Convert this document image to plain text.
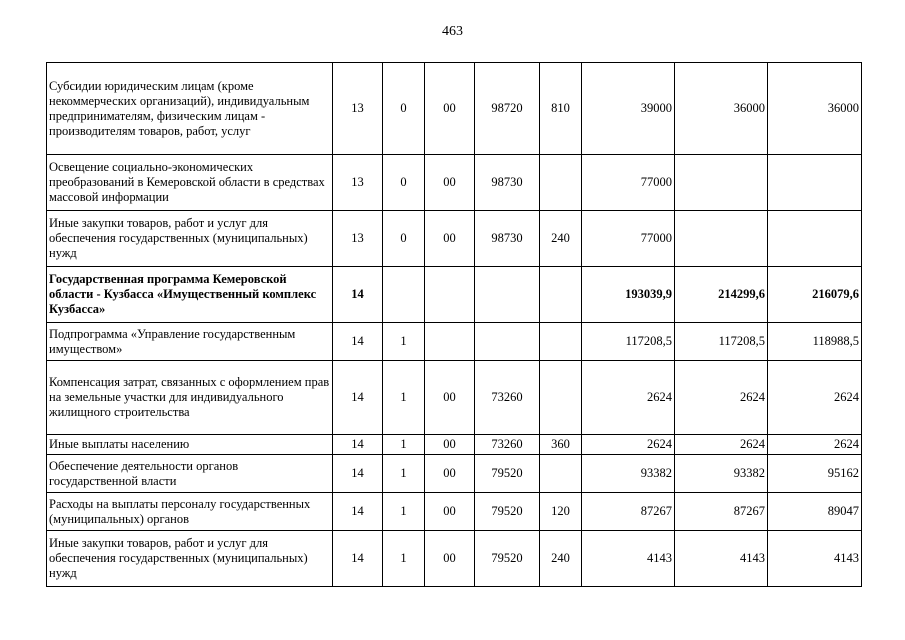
463
Субсидии юридическим лицам (кроме некоммерческих организаций), индивидуальным предпринимателям, физическим лицам - производителям товаров, работ, услуг	13	0	00	98720	810	39000	36000	36000
Освещение социально-экономических преобразований в Кемеровской области в средствах массовой информации	13	0	00	98730		77000		
Иные закупки товаров, работ и услуг для обеспечения государственных (муниципальных) нужд	13	0	00	98730	240	77000		
Государственная программа Кемеровской области - Кузбасса «Имущественный комплекс Кузбасса»	14					193039,9	214299,6	216079,6
Подпрограмма «Управление государственным имуществом»	14	1				117208,5	117208,5	118988,5
Компенсация затрат, связанных с оформлением прав на земельные участки для индивидуального жилищного строительства	14	1	00	73260		2624	2624	2624
Иные выплаты населению	14	1	00	73260	360	2624	2624	2624
Обеспечение деятельности органов государственной власти	14	1	00	79520		93382	93382	95162
Расходы на выплаты персоналу государственных (муниципальных) органов	14	1	00	79520	120	87267	87267	89047
Иные закупки товаров, работ и услуг для обеспечения государственных (муниципальных) нужд	14	1	00	79520	240	4143	4143	4143
